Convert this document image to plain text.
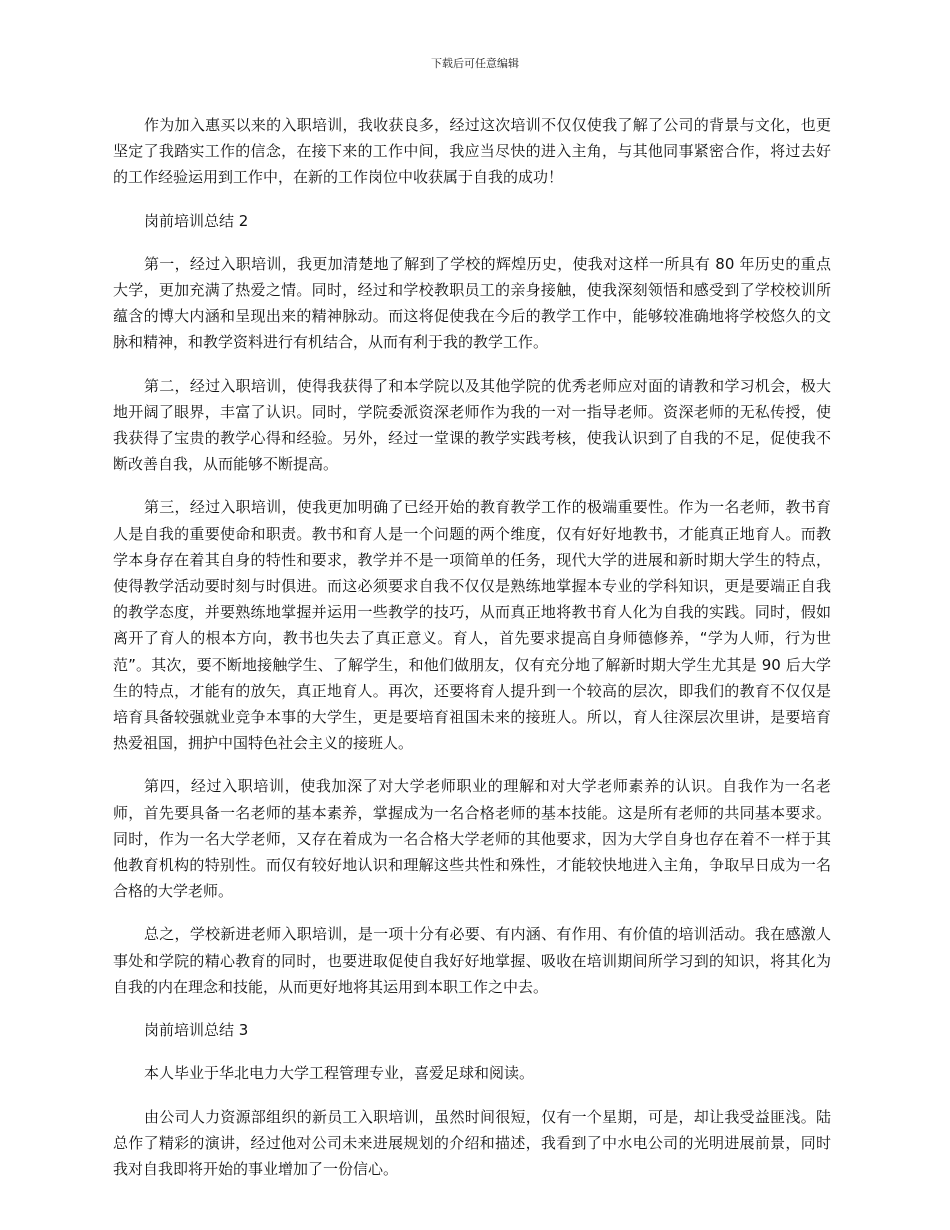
下载后可任意编辑

作为加入惠买以来的入职培训，我收获良多，经过这次培训不仅仅使我了解了公司的背景与文化，也更坚定了我踏实工作的信念，在接下来的工作中间，我应当尽快的进入主角，与其他同事紧密合作，将过去好的工作经验运用到工作中，在新的工作岗位中收获属于自我的成功！

岗前培训总结 2

第一，经过入职培训，我更加清楚地了解到了学校的辉煌历史，使我对这样一所具有 80 年历史的重点大学，更加充满了热爱之情。同时，经过和学校教职员工的亲身接触，使我深刻领悟和感受到了学校校训所蕴含的博大内涵和呈现出来的精神脉动。而这将促使我在今后的教学工作中，能够较准确地将学校悠久的文脉和精神，和教学资料进行有机结合，从而有利于我的教学工作。

第二，经过入职培训，使得我获得了和本学院以及其他学院的优秀老师应对面的请教和学习机会，极大地开阔了眼界，丰富了认识。同时，学院委派资深老师作为我的一对一指导老师。资深老师的无私传授，使我获得了宝贵的教学心得和经验。另外，经过一堂课的教学实践考核，使我认识到了自我的不足，促使我不断改善自我，从而能够不断提高。

第三，经过入职培训，使我更加明确了已经开始的教育教学工作的极端重要性。作为一名老师，教书育人是自我的重要使命和职责。教书和育人是一个问题的两个维度，仅有好好地教书，才能真正地育人。而教学本身存在着其自身的特性和要求，教学并不是一项简单的任务，现代大学的进展和新时期大学生的特点，使得教学活动要时刻与时俱进。而这必须要求自我不仅仅是熟练地掌握本专业的学科知识，更是要端正自我的教学态度，并要熟练地掌握并运用一些教学的技巧，从而真正地将教书育人化为自我的实践。同时，假如离开了育人的根本方向，教书也失去了真正意义。育人，首先要求提高自身师德修养，“学为人师，行为世范”。其次，要不断地接触学生、了解学生，和他们做朋友，仅有充分地了解新时期大学生尤其是 90 后大学生的特点，才能有的放矢，真正地育人。再次，还要将育人提升到一个较高的层次，即我们的教育不仅仅是培育具备较强就业竞争本事的大学生，更是要培育祖国未来的接班人。所以，育人往深层次里讲，是要培育热爱祖国，拥护中国特色社会主义的接班人。

第四，经过入职培训，使我加深了对大学老师职业的理解和对大学老师素养的认识。自我作为一名老师，首先要具备一名老师的基本素养，掌握成为一名合格老师的基本技能。这是所有老师的共同基本要求。同时，作为一名大学老师，又存在着成为一名合格大学老师的其他要求，因为大学自身也存在着不一样于其他教育机构的特别性。而仅有较好地认识和理解这些共性和殊性，才能较快地进入主角，争取早日成为一名合格的大学老师。

总之，学校新进老师入职培训，是一项十分有必要、有内涵、有作用、有价值的培训活动。我在感激人事处和学院的精心教育的同时，也要进取促使自我好好地掌握、吸收在培训期间所学习到的知识，将其化为自我的内在理念和技能，从而更好地将其运用到本职工作之中去。

岗前培训总结 3

本人毕业于华北电力大学工程管理专业，喜爱足球和阅读。

由公司人力资源部组织的新员工入职培训，虽然时间很短，仅有一个星期，可是，却让我受益匪浅。陆总作了精彩的演讲，经过他对公司未来进展规划的介绍和描述，我看到了中水电公司的光明进展前景，同时我对自我即将开始的事业增加了一份信心。
